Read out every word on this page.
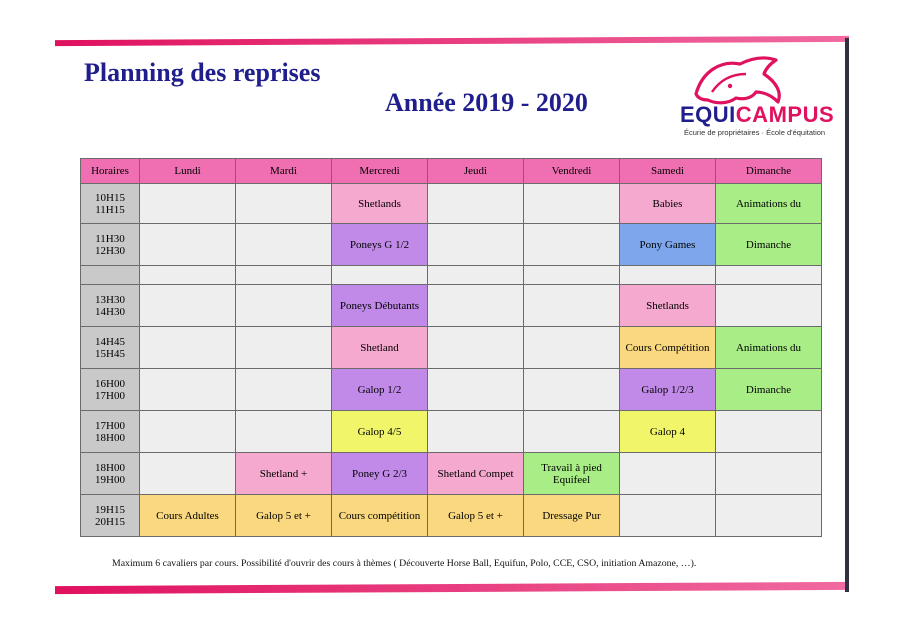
Planning des reprises
Année 2019 - 2020	EQUICAMPUS
Écurie de propriétaires · École d'équitation
Horaires	Lundi	Mardi	Mercredi	Jeudi	Vendredi	Samedi	Dimanche
10H15
11H15			Shetlands			Babies	Animations du
11H30
12H30			Poneys G 1/2			Pony Games	Dimanche

13H30
14H30			Poneys Débutants			Shetlands	
14H45
15H45			Shetland			Cours Compétition	Animations du
16H00
17H00			Galop 1/2			Galop 1/2/3	Dimanche
17H00
18H00			Galop 4/5			Galop 4	
18H00
19H00		Shetland +	Poney G 2/3	Shetland Compet	Travail à pied
Equifeel		
19H15
20H15	Cours Adultes	Galop 5 et +	Cours compétition	Galop 5 et +	Dressage Pur		
Maximum 6 cavaliers par cours. Possibilité d'ouvrir des cours à thèmes ( Découverte Horse Ball, Equifun, Polo, CCE, CSO, initiation Amazone, …).
